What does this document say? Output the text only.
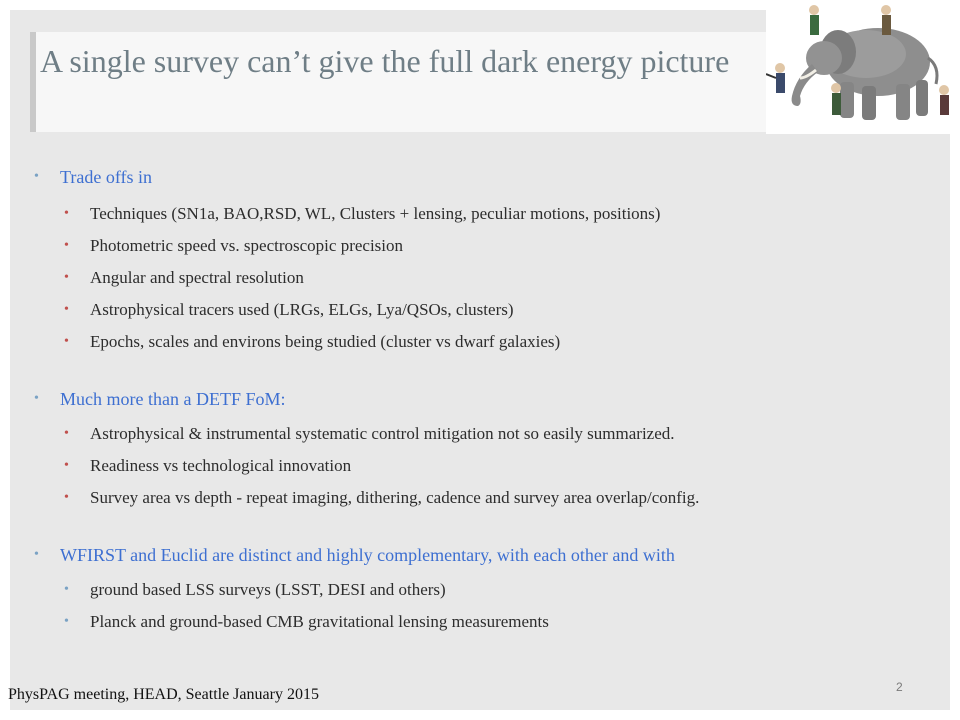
A single survey can’t give the full dark energy picture
• Trade offs in
• Techniques (SN1a, BAO,RSD, WL, Clusters + lensing, peculiar motions, positions)
• Photometric speed vs. spectroscopic precision
• Angular and spectral resolution
• Astrophysical tracers used (LRGs, ELGs, Lya/QSOs, clusters)
• Epochs, scales and environs being studied (cluster vs dwarf galaxies)
• Much more than a DETF FoM:
• Astrophysical & instrumental systematic control mitigation not so easily summarized.
• Readiness vs technological innovation
• Survey area vs depth - repeat imaging, dithering, cadence and survey area overlap/config.
• WFIRST and Euclid are distinct and highly complementary, with each other and with
• ground based LSS surveys (LSST, DESI and others)
• Planck and ground-based CMB gravitational lensing measurements
PhysPAG meeting, HEAD, Seattle January 2015	2
